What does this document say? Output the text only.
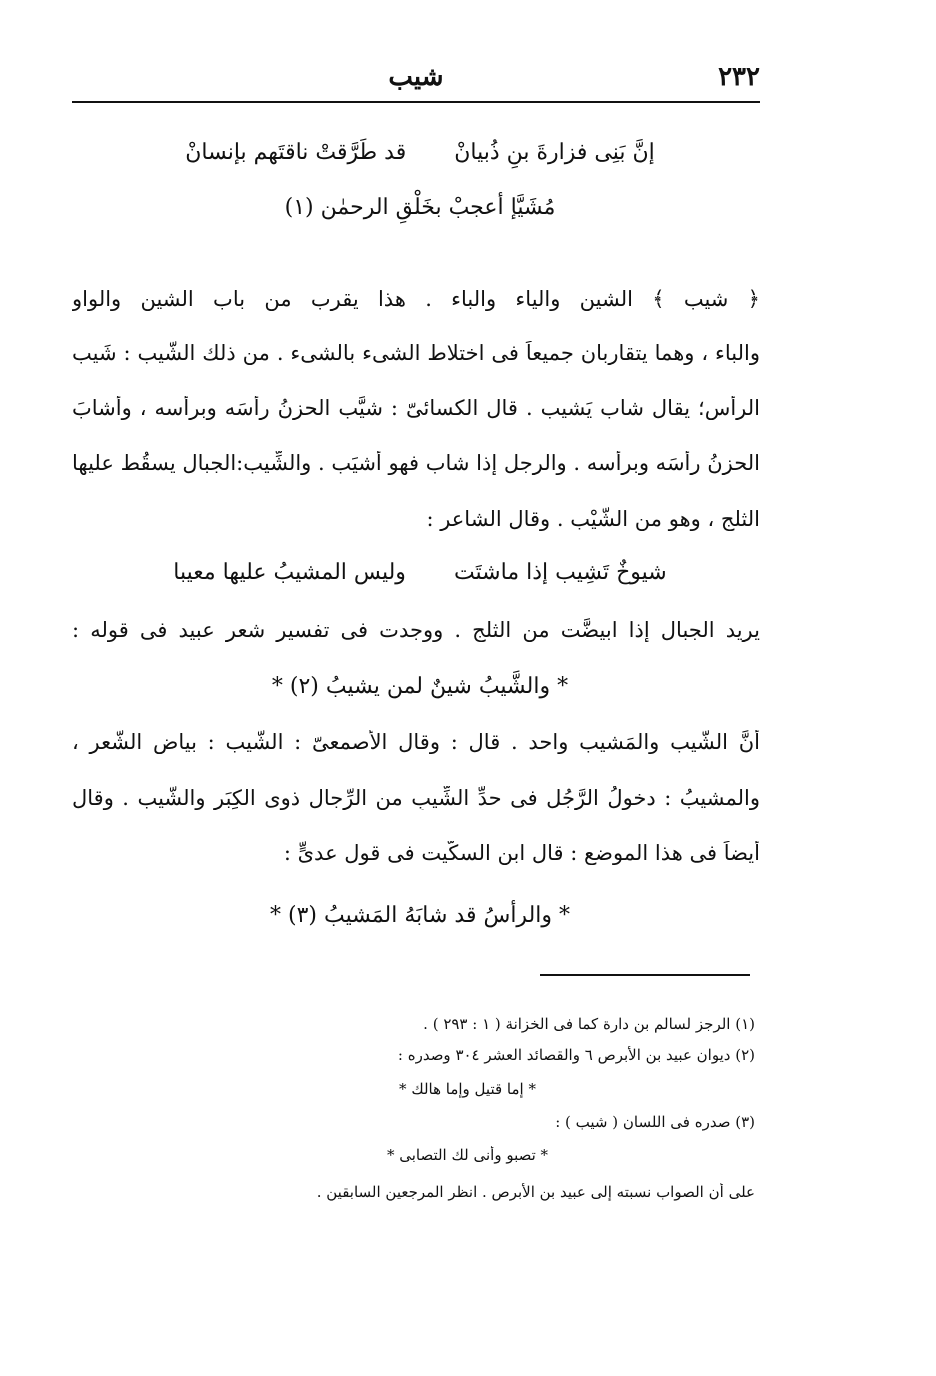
٢٣٢
شيب
إنَّ بَنِى فزارةَ بنِ ذُبيانْ
قد طَرَّقتْ ناقتَهم بإنسانْ
مُشَيَّإ أعجبْ بخَلْقِ الرحمٰن (١)
﴿ شيب ﴾ الشين والياء والباء . هذا يقرب من باب الشين والواو
والباء ، وهما يتقاربان جميعاً فى اختلاط الشىء بالشىء . من ذلك الشَّيب : شَيب
الرأس؛ يقال شاب يَشيب . قال الكسائىّ : شيَّب الحزنُ رأسَه وبرأسه ، وأشابَ
الحزنُ رأسَه وبرأسه . والرجل إذا شاب فهو أشيَب . والشِّيب:الجبال يسقُط عليها
الثلج ، وهو من الشَّيْب . وقال الشاعر :
شيوخٌ تَشِيب إذا ماشتَت
وليس المشيبُ عليها معيبا
يريد الجبال إذا ابيضَّت من الثلج . ووجدت فى تفسير شعر عبيد فى قوله :
* والشَّيبُ شينٌ لمن يشيبُ (٢) *
أنَّ الشَّيب والمَشيب واحد . قال : وقال الأصمعىّ : الشَّيب : بياض الشَّعر ،
والمشيبُ : دخولُ الرَّجُل فى حدِّ الشِّيبِ من الرِّجال ذوى الكِبَر والشَّيب . وقال
أيضاً فى هذا الموضع : قال ابن السكّيت فى قول عدىٍّ :
* والرأسُ قد شابَهُ المَشيبُ (٣) *
(١) الرجز لسالم بن دارة كما فى الخزانة ( ١ : ٢٩٣ ) .
(٢) ديوان عبيد بن الأبرص ٦ والقصائد العشر ٣٠٤ وصدره :
* إما قتيل وإما هالك *
(٣) صدره فى اللسان ( شيب ) :
* تصبو وأنى لك التصابى *
على أن الصواب نسبته إلى عبيد بن الأبرص . انظر المرجعين السابقين .
